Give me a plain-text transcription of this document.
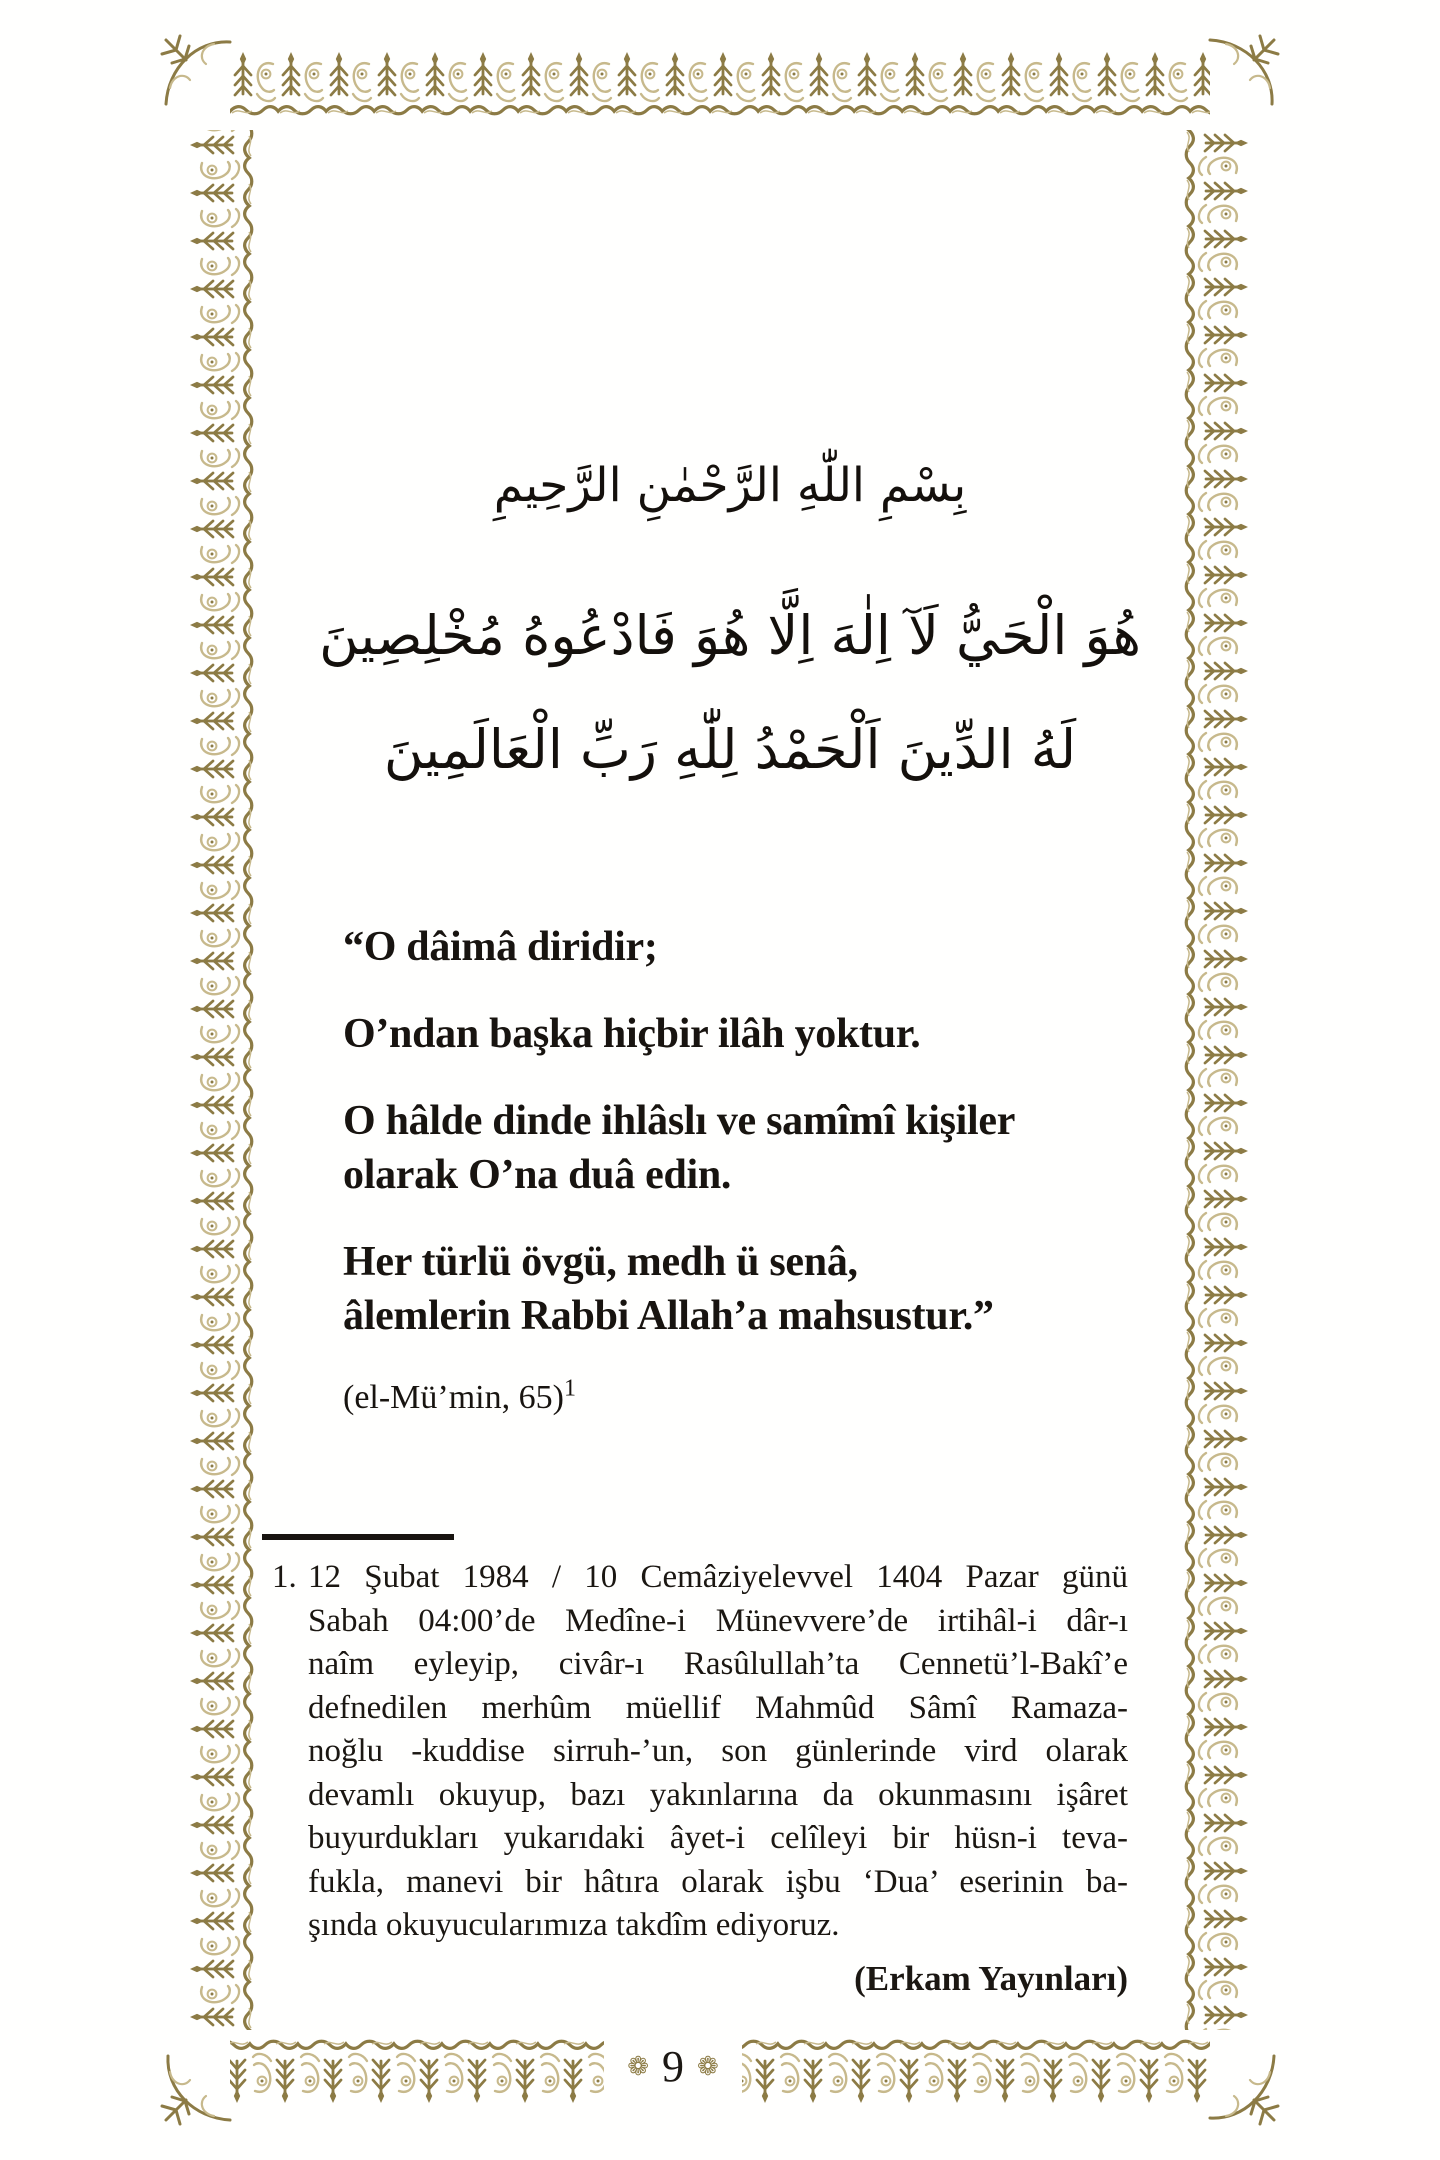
بِسْمِ اللّٰهِ الرَّحْمٰنِ الرَّحِيمِ
هُوَ الْحَيُّ لَآ اِلٰهَ اِلَّا هُوَ فَادْعُوهُ مُخْلِصِينَ
لَهُ الدِّينَ اَلْحَمْدُ لِلّٰهِ رَبِّ الْعَالَمِينَ

“O dâimâ diridir;

O’ndan başka hiçbir ilâh yoktur.

O hâlde dinde ihlâslı ve samîmî kişiler
olarak O’na duâ edin.

Her türlü övgü, medh ü senâ,
âlemlerin Rabbi Allah’a mahsustur.”

(el-Mü’min, 65)$^1$
1. 12 Şubat 1984 / 10 Cemâziyelevvel 1404 Pazar günü
Sabah 04:00’de Medîne-i Münevvere’de irtihâl-i dâr-ı
naîm eyleyip, civâr-ı Rasûlullah’ta Cennetü’l-Bakî’e
defnedilen merhûm müellif Mahmûd Sâmî Ramaza-
noğlu -kuddise sirruh-’un, son günlerinde vird olarak
devamlı okuyup, bazı yakınlarına da okunmasını işâret
buyurdukları yukarıdaki âyet-i celîleyi bir hüsn-i teva-
fukla, manevi bir hâtıra olarak işbu ‘Dua’ eserinin ba-
şında okuyucularımıza takdîm ediyoruz.
(Erkam Yayınları)
❁ 9 ❁
